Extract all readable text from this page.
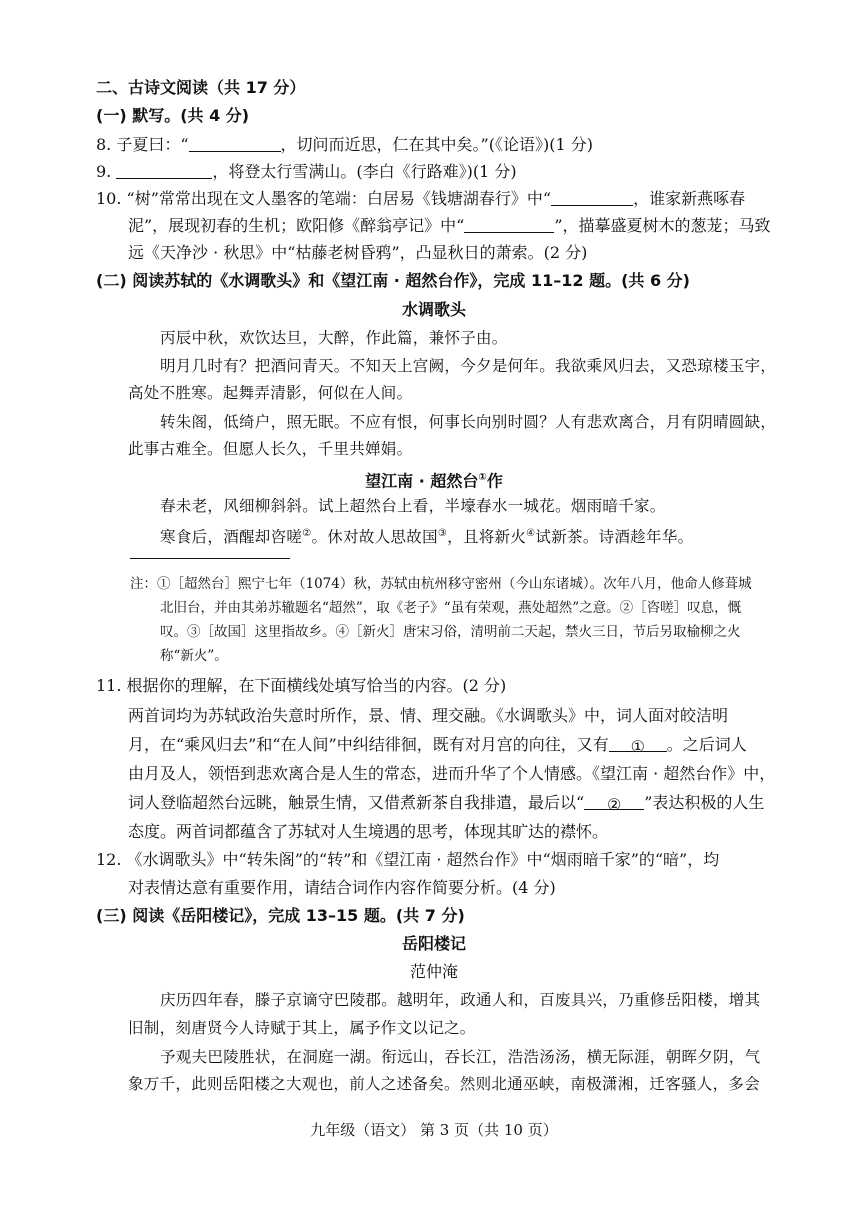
二、古诗文阅读（共 17 分）
(一) 默写。(共 4 分)
8. 子夏曰：“	，切问而近思，仁在其中矣。”(《论语》)(1 分)
9.	，将登太行雪满山。(李白《行路难》)(1 分)
10. “树”常常出现在文人墨客的笔端：白居易《钱塘湖春行》中“	，谁家新燕啄春
泥”，展现初春的生机；欧阳修《醉翁亭记》中“	”，描摹盛夏树木的葱茏；马致
远《天净沙 · 秋思》中“枯藤老树昏鸦”，凸显秋日的萧索。(2 分)
(二) 阅读苏轼的《水调歌头》和《望江南 · 超然台作》，完成 11–12 题。(共 6 分)
水调歌头
丙辰中秋，欢饮达旦，大醉，作此篇，兼怀子由。
明月几时有？把酒问青天。不知天上宫阙，今夕是何年。我欲乘风归去，又恐琼楼玉宇，
高处不胜寒。起舞弄清影，何似在人间。
转朱阁，低绮户，照无眠。不应有恨，何事长向别时圆？人有悲欢离合，月有阴晴圆缺，
此事古难全。但愿人长久，千里共婵娟。
望江南 · 超然台①作
春未老，风细柳斜斜。试上超然台上看，半壕春水一城花。烟雨暗千家。
寒食后，酒醒却咨嗟②。休对故人思故国③，且将新火④试新茶。诗酒趁年华。
注：①［超然台］熙宁七年（1074）秋，苏轼由杭州移守密州（今山东诸城）。次年八月，他命人修葺城
北旧台，并由其弟苏辙题名“超然”，取《老子》“虽有荣观，燕处超然”之意。②［咨嗟］叹息，慨
叹。③［故国］这里指故乡。④［新火］唐宋习俗，清明前二天起，禁火三日，节后另取榆柳之火
称“新火”。
11. 根据你的理解，在下面横线处填写恰当的内容。(2 分)
两首词均为苏轼政治失意时所作，景、情、理交融。《水调歌头》中，词人面对皎洁明
月，在“乘风归去”和“在人间”中纠结徘徊，既有对月宫的向往，又有 ① 。之后词人
由月及人，领悟到悲欢离合是人生的常态，进而升华了个人情感。《望江南 · 超然台作》中，
词人登临超然台远眺，触景生情，又借煮新茶自我排遣，最后以“ ② ”表达积极的人生
态度。两首词都蕴含了苏轼对人生境遇的思考，体现其旷达的襟怀。
12. 《水调歌头》中“转朱阁”的“转”和《望江南 · 超然台作》中“烟雨暗千家”的“暗”，均
对表情达意有重要作用，请结合词作内容作简要分析。(4 分)
(三) 阅读《岳阳楼记》，完成 13–15 题。(共 7 分)
岳阳楼记
范仲淹
庆历四年春，滕子京谪守巴陵郡。越明年，政通人和，百废具兴，乃重修岳阳楼，增其
旧制，刻唐贤今人诗赋于其上，属予作文以记之。
予观夫巴陵胜状，在洞庭一湖。衔远山，吞长江，浩浩汤汤，横无际涯，朝晖夕阴，气
象万千，此则岳阳楼之大观也，前人之述备矣。然则北通巫峡，南极潇湘，迁客骚人，多会
九年级（语文） 第 3 页（共 10 页）
